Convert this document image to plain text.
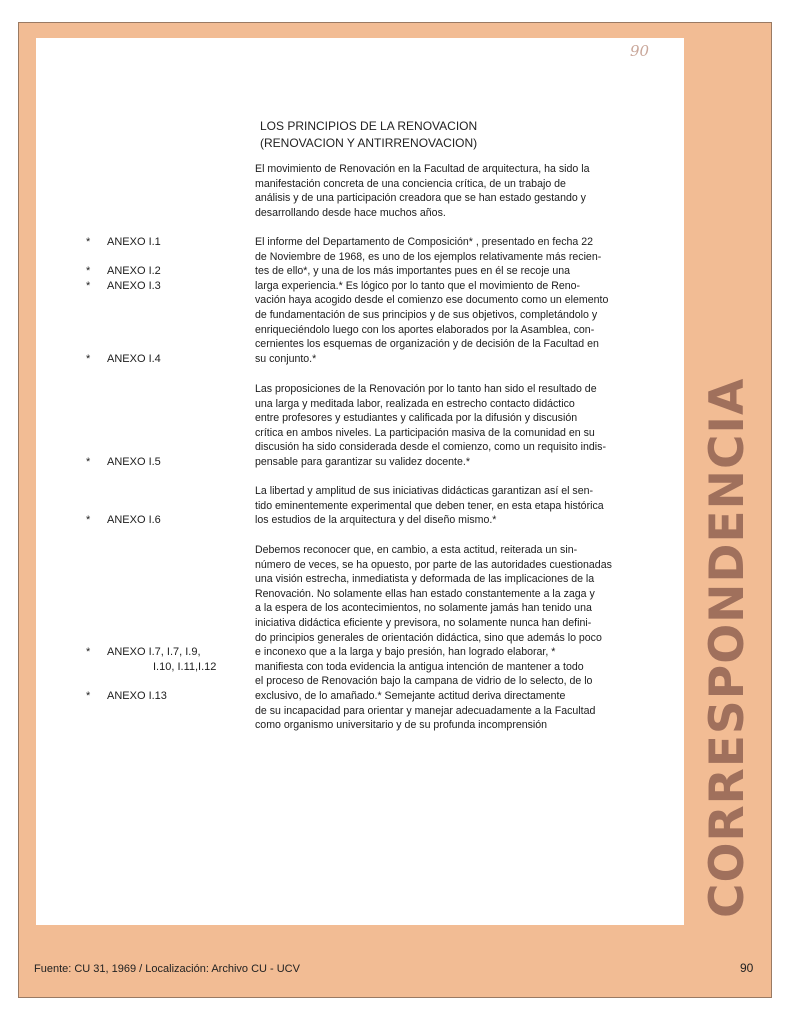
90
LOS PRINCIPIOS DE LA RENOVACION
(RENOVACION Y ANTIRRENOVACION)
El movimiento de Renovación en la Facultad de arquitectura, ha sido la
manifestación concreta de una conciencia crítica, de un trabajo de
análisis y de una participación creadora que se han estado gestando y
desarrollando desde hace muchos años.
El informe del Departamento de Composición* , presentado en fecha 22
de Noviembre de 1968, es uno de los ejemplos relativamente más recien-
tes de ello*, y una de los más importantes pues en él se recoje una
larga experiencia.* Es lógico por lo tanto que el movimiento de Reno-
vación haya acogido desde el comienzo ese documento como un elemento
de fundamentación de sus principios y de sus objetivos, completándolo y
enriqueciéndolo luego con los aportes elaborados por la Asamblea, con-
cernientes los esquemas de organización y de decisión de la Facultad en
su conjunto.*
Las proposiciones de la Renovación por lo tanto han sido el resultado de
una larga y meditada labor, realizada en estrecho contacto didáctico
entre profesores y estudiantes y calificada por la difusión y discusión
crítica en ambos niveles. La participación masiva de la comunidad en su
discusión ha sido considerada desde el comienzo, como un requisito indis-
pensable para garantizar su validez docente.*
La libertad y amplitud de sus iniciativas didácticas garantizan así el sen-
tido eminentemente experimental que deben tener, en esta etapa histórica
los estudios de la arquitectura y del diseño mismo.*
Debemos reconocer que, en cambio, a esta actitud, reiterada un sin-
número de veces, se ha opuesto, por parte de las autoridades cuestionadas
una visión estrecha, inmediatista y deformada de las implicaciones de la
Renovación. No solamente ellas han estado constantemente a la zaga y
a la espera de los acontecimientos, no solamente jamás han tenido una
iniciativa didáctica eficiente y previsora, no solamente nunca han defini-
do principios generales de orientación didáctica, sino que además lo poco
e inconexo que a la larga y bajo presión, han logrado elaborar, *
manifiesta con toda evidencia la antigua intención de mantener a todo
el proceso de Renovación bajo la campana de vidrio de lo selecto, de lo
exclusivo, de lo amañado.* Semejante actitud deriva directamente
de su incapacidad para orientar y manejar adecuadamente a la Facultad
como organismo universitario y de su profunda incomprensión
* ANEXO I.1
* ANEXO I.2
* ANEXO I.3
* ANEXO I.4
* ANEXO I.5
* ANEXO I.6
* ANEXO I.7, I.7, I.9,
I.10, I.11,I.12
* ANEXO I.13	CORRESPONDENCIA
Fuente: CU 31, 1969 / Localización: Archivo CU - UCV	90
